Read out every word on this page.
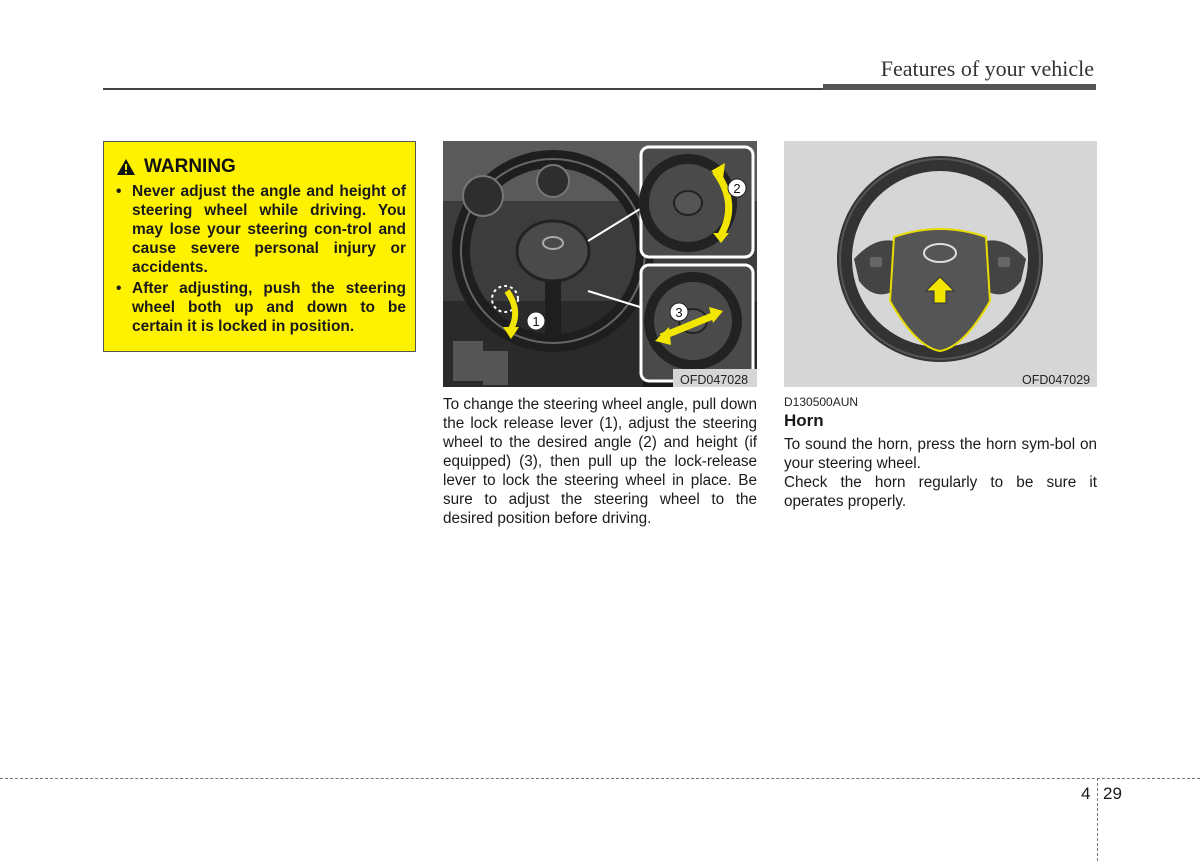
Features of your vehicle
WARNING
• Never adjust the angle and height of steering wheel while driving. You may lose your steering con-trol and cause severe personal injury or accidents.
• After adjusting, push the steering wheel both up and down to be certain it is locked in position.	1
2
3
OFD047028

To change the steering wheel angle, pull down the lock release lever (1), adjust the steering wheel to the desired angle (2) and height (if equipped) (3), then pull up the lock-release lever to lock the steering wheel in place. Be sure to adjust the steering wheel to the desired position before driving.

OFD047029
D130500AUN
Horn

To sound the horn, press the horn sym-bol on your steering wheel.

Check the horn regularly to be sure it operates properly.

4 29
